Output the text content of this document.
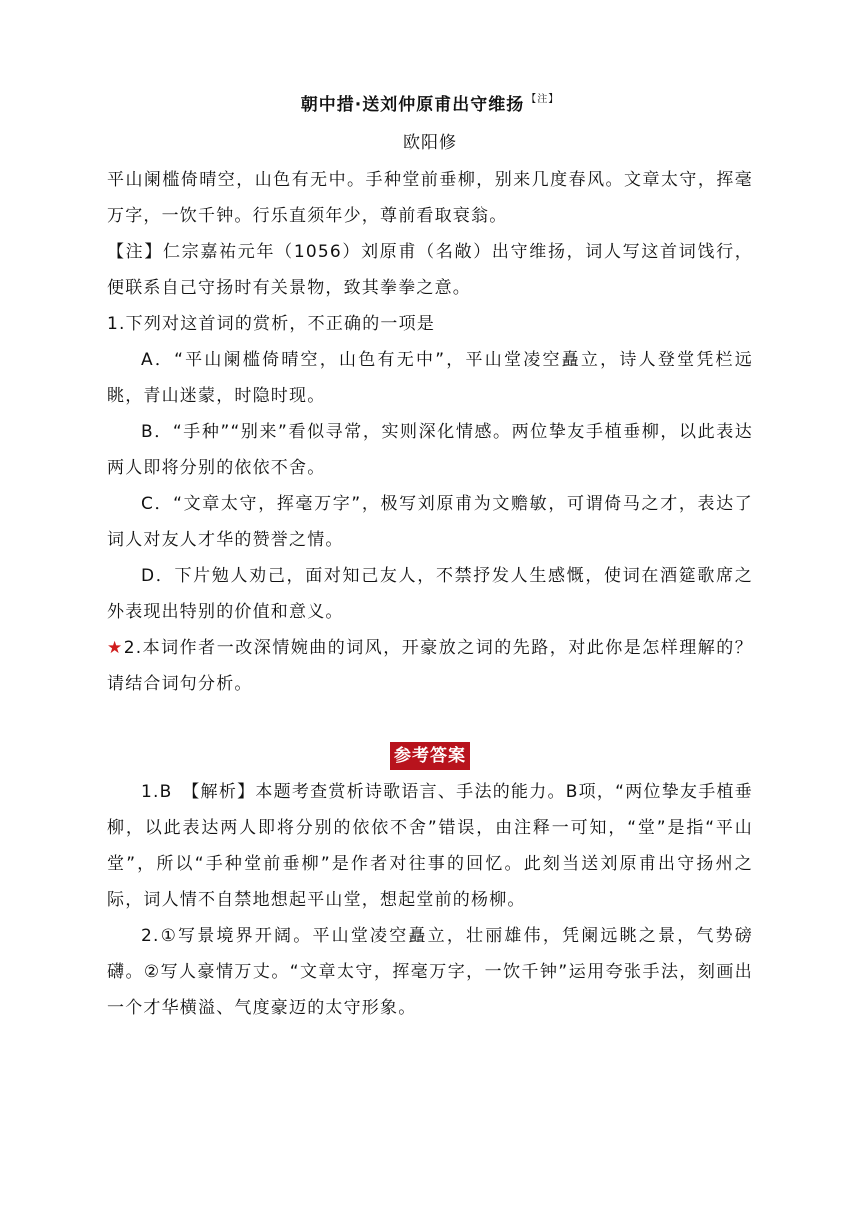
朝中措·送刘仲原甫出守维扬 $^{【注】}$
欧阳修

平山阑槛倚晴空，山色有无中。手种堂前垂柳，别来几度春风。文章太守，挥毫万字，一饮千钟。行乐直须年少，尊前看取衰翁。

【注】仁宗嘉祐元年（1056）刘原甫（名敞）出守维扬，词人写这首词饯行，便联系自己守扬时有关景物，致其拳拳之意。

1.下列对这首词的赏析，不正确的一项是

A．“平山阑槛倚晴空，山色有无中”，平山堂凌空矗立，诗人登堂凭栏远眺，青山迷蒙，时隐时现。

B．“手种”“别来”看似寻常，实则深化情感。两位挚友手植垂柳，以此表达两人即将分别的依依不舍。

C．“文章太守，挥毫万字”，极写刘原甫为文赡敏，可谓倚马之才，表达了词人对友人才华的赞誉之情。

D．下片勉人劝己，面对知己友人，不禁抒发人生感慨，使词在酒筵歌席之外表现出特别的价值和意义。

★2.本词作者一改深情婉曲的词风，开豪放之词的先路，对此你是怎样理解的？请结合词句分析。

参考答案

1.B　【解析】本题考查赏析诗歌语言、手法的能力。B项，“两位挚友手植垂柳，以此表达两人即将分别的依依不舍”错误，由注释一可知，“堂”是指“平山堂”，所以“手种堂前垂柳”是作者对往事的回忆。此刻当送刘原甫出守扬州之际，词人情不自禁地想起平山堂，想起堂前的杨柳。

2.①写景境界开阔。平山堂凌空矗立，壮丽雄伟，凭阑远眺之景，气势磅礴。②写人豪情万丈。“文章太守，挥毫万字，一饮千钟”运用夸张手法，刻画出一个才华横溢、气度豪迈的太守形象。
